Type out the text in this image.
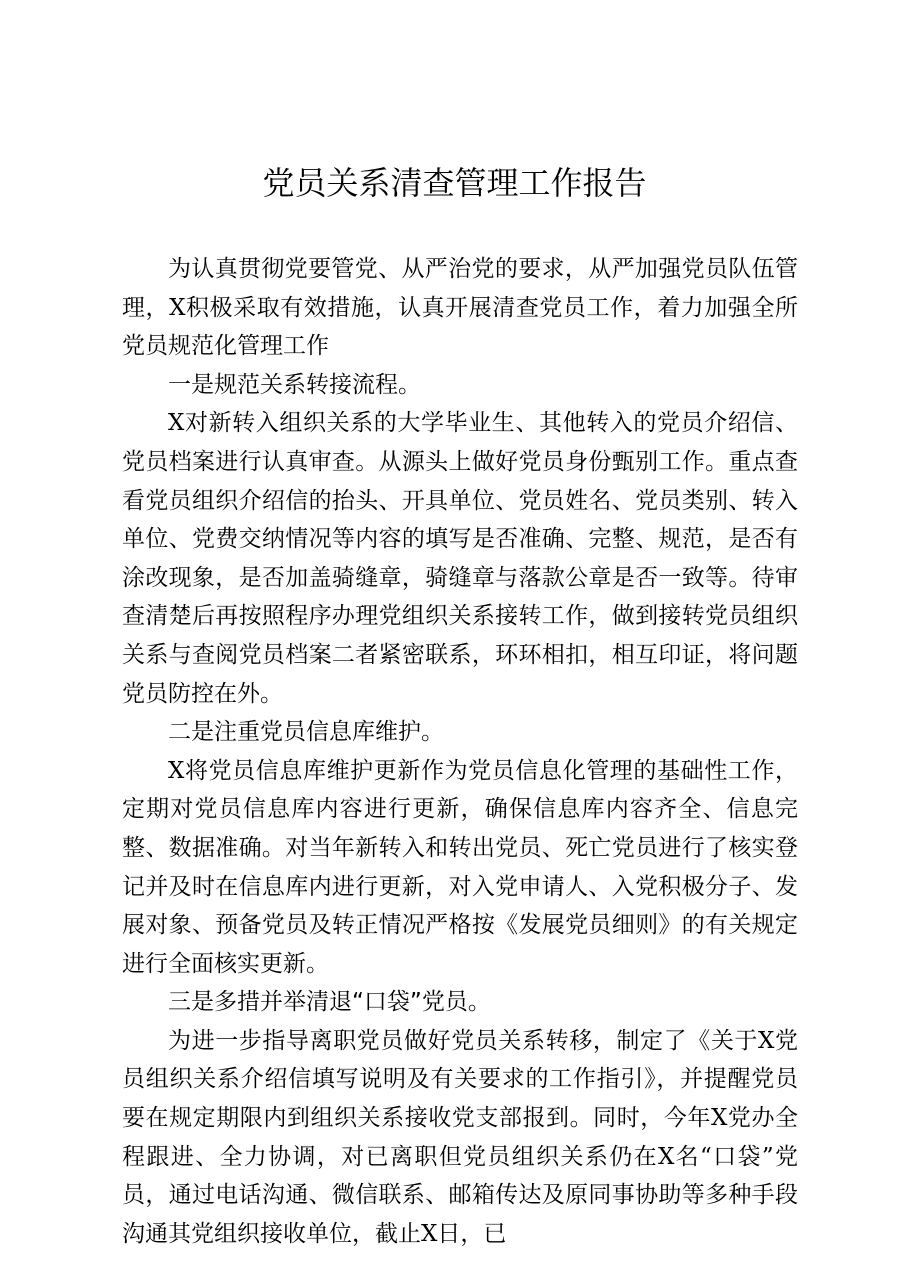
党员关系清查管理工作报告

为认真贯彻党要管党、从严治党的要求，从严加强党员队伍管理，X积极采取有效措施，认真开展清查党员工作，着力加强全所党员规范化管理工作

一是规范关系转接流程。

X对新转入组织关系的大学毕业生、其他转入的党员介绍信、党员档案进行认真审查。从源头上做好党员身份甄别工作。重点查看党员组织介绍信的抬头、开具单位、党员姓名、党员类别、转入单位、党费交纳情况等内容的填写是否准确、完整、规范，是否有涂改现象，是否加盖骑缝章，骑缝章与落款公章是否一致等。待审查清楚后再按照程序办理党组织关系接转工作，做到接转党员组织关系与查阅党员档案二者紧密联系，环环相扣，相互印证，将问题党员防控在外。

二是注重党员信息库维护。

X将党员信息库维护更新作为党员信息化管理的基础性工作，定期对党员信息库内容进行更新，确保信息库内容齐全、信息完整、数据准确。对当年新转入和转出党员、死亡党员进行了核实登记并及时在信息库内进行更新，对入党申请人、入党积极分子、发展对象、预备党员及转正情况严格按《发展党员细则》的有关规定进行全面核实更新。

三是多措并举清退“口袋”党员。

为进一步指导离职党员做好党员关系转移，制定了《关于X党员组织关系介绍信填写说明及有关要求的工作指引》，并提醒党员要在规定期限内到组织关系接收党支部报到。同时，今年X党办全程跟进、全力协调，对已离职但党员组织关系仍在X名“口袋”党员，通过电话沟通、微信联系、邮箱传达及原同事协助等多种手段沟通其党组织接收单位，截止X日，已
